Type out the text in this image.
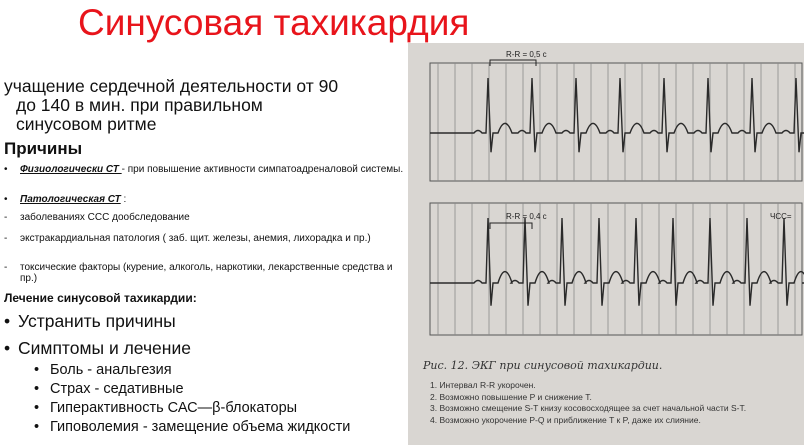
Синусовая тахикардия
учащение сердечной деятельности от 90

до 140 в мин. при правильном
синусовом ритме
Причины
• Физиологически СТ - при повышение активности симпатоадреналовой системы.
• Патологическая СТ :
- заболеваниях ССС дообследование
- экстракардиальная патология ( заб. щит. железы, анемия, лихорадка и пр.)
- токсические факторы (курение, алкоголь, наркотики, лекарственные средства и пр.)
Лечение синусовой тахикардии:
• Устранить причины
• Симптомы и лечение
• Боль - анальгезия
• Страх - седативные
• Гиперактивность САС—β-блокаторы
• Гиповолемия - замещение объема жидкости
R-R = 0,5 с
R-R = 0,4 с	ЧСС=
Рис. 12. ЭКГ при синусовой тахикардии.
1. Интервал R-R укорочен.
2. Возможно повышение P и снижение T.
3. Возможно смещение S-T книзу косовосходящее за счет начальной части S-T.
4. Возможно укорочение P-Q и приближение T к P, даже их слияние.
